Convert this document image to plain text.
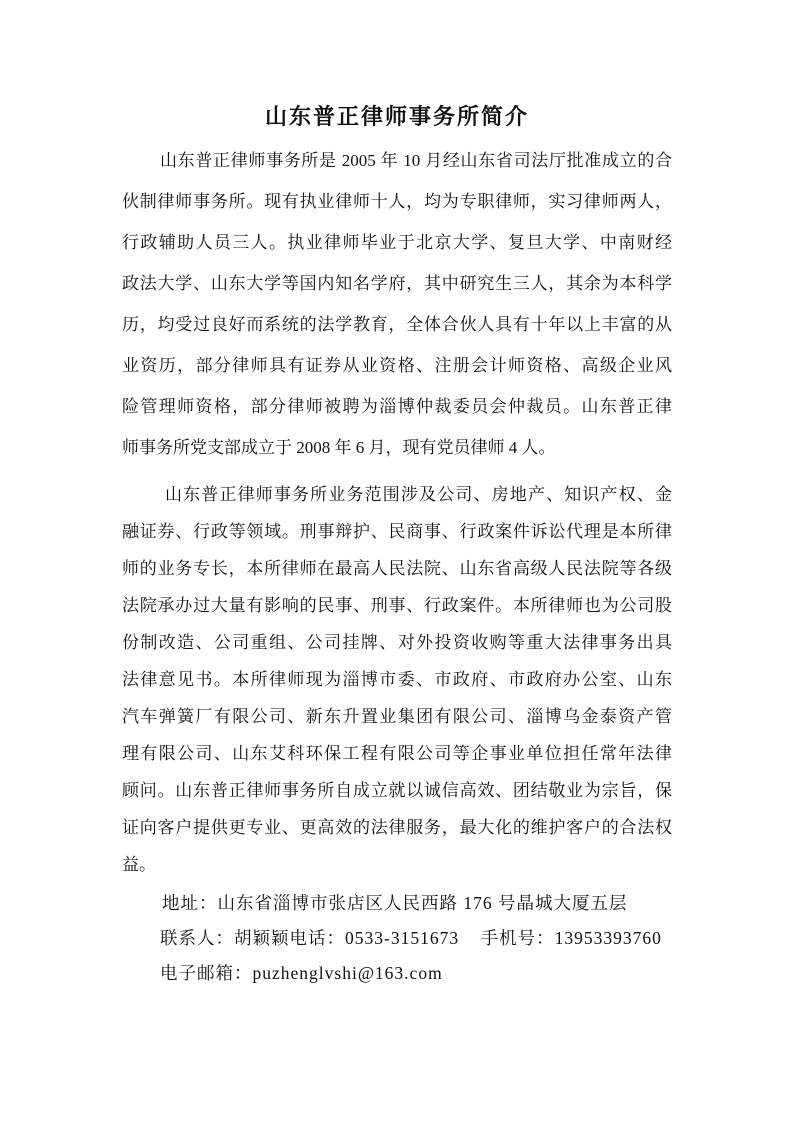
山东普正律师事务所简介
山东普正律师事务所是 2005 年 10 月经山东省司法厅批准成立的合
伙制律师事务所。现有执业律师十人，均为专职律师，实习律师两人，
行政辅助人员三人。执业律师毕业于北京大学、复旦大学、中南财经
政法大学、山东大学等国内知名学府，其中研究生三人，其余为本科学
历，均受过良好而系统的法学教育，全体合伙人具有十年以上丰富的从
业资历，部分律师具有证券从业资格、注册会计师资格、高级企业风
险管理师资格，部分律师被聘为淄博仲裁委员会仲裁员。山东普正律
师事务所党支部成立于 2008 年 6 月，现有党员律师 4 人。
山东普正律师事务所业务范围涉及公司、房地产、知识产权、金
融证券、行政等领域。刑事辩护、民商事、行政案件诉讼代理是本所律
师的业务专长，本所律师在最高人民法院、山东省高级人民法院等各级
法院承办过大量有影响的民事、刑事、行政案件。本所律师也为公司股
份制改造、公司重组、公司挂牌、对外投资收购等重大法律事务出具
法律意见书。本所律师现为淄博市委、市政府、市政府办公室、山东
汽车弹簧厂有限公司、新东升置业集团有限公司、淄博乌金泰资产管
理有限公司、山东艾科环保工程有限公司等企事业单位担任常年法律
顾问。山东普正律师事务所自成立就以诚信高效、团结敬业为宗旨，保
证向客户提供更专业、更高效的法律服务，最大化的维护客户的合法权
益。
地址：山东省淄博市张店区人民西路 176 号晶城大厦五层
联系人：胡颖颖电话：0533-3151673    手机号：13953393760
电子邮箱：puzhenglvshi@163.com
